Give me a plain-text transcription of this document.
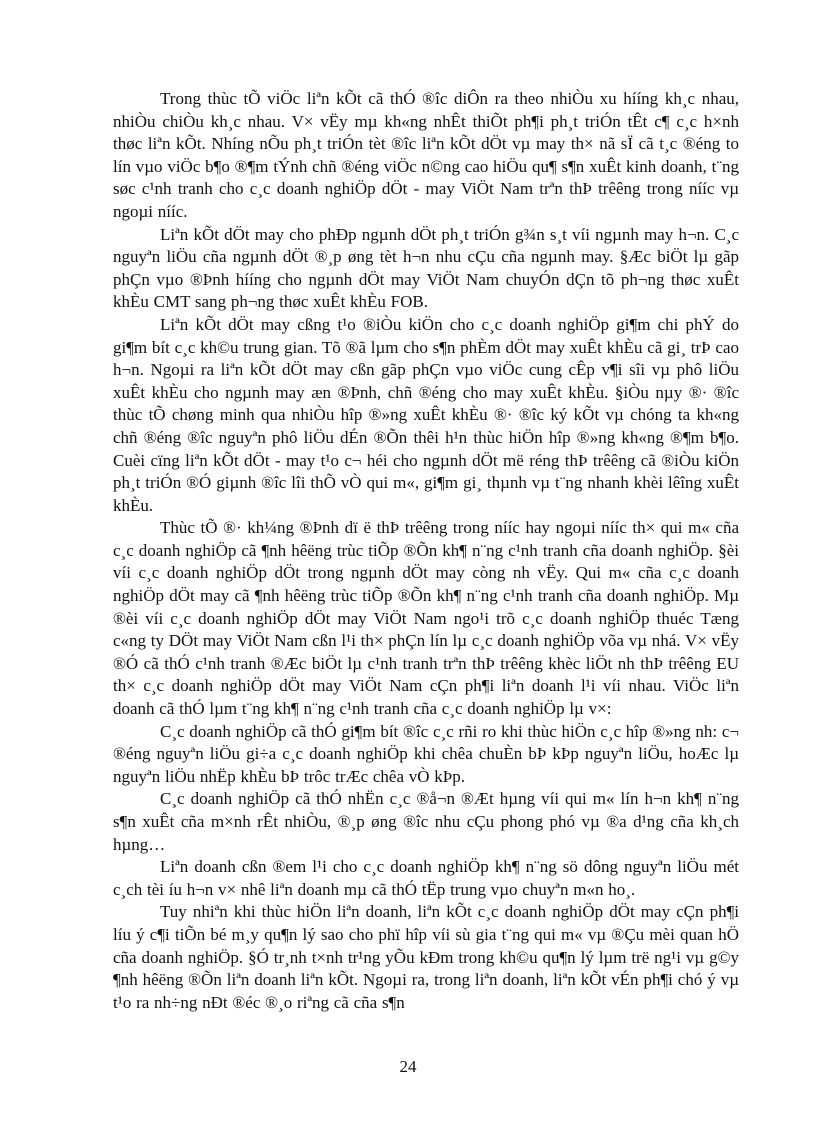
Trong thùc tÕ viÖc liªn kÕt cã thÓ ®îc diÔn ra theo nhiÒu xu hííng kh¸c nhau, nhiÒu chiÒu kh¸c nhau. V× vËy mµ kh«ng nhÊt thiÕt ph¶i ph¸t triÓn tÊt c¶ c¸c h×nh thøc liªn kÕt. Nhíng nÕu ph¸t triÓn tèt ®îc liªn kÕt dÖt vµ may th× nã sÏ cã t¸c ®éng to lín vµo viÖc b¶o ®¶m tÝnh chñ ®éng viÖc n©ng cao hiÖu qu¶ s¶n xuÊt kinh doanh, t¨ng søc c¹nh tranh cho c¸c doanh nghiÖp dÖt - may ViÖt Nam trªn thÞ trêêng trong nííc vµ ngoµi nííc.

Liªn kÕt dÖt may cho phÐp ngµnh dÖt ph¸t triÓn g¾n s¸t víi ngµnh may h¬n. C¸c nguyªn liÖu cña ngµnh dÖt ®¸p øng tèt h¬n nhu cÇu cña ngµnh may. §Æc biÖt lµ gãp phÇn vµo ®Þnh hííng cho ngµnh dÖt may ViÖt Nam chuyÓn dÇn tõ ph¬ng thøc xuÊt khÈu CMT sang ph¬ng thøc xuÊt khÈu FOB.

Liªn kÕt dÖt may cßng t¹o ®iÒu kiÖn cho c¸c doanh nghiÖp gi¶m chi phÝ do gi¶m bít c¸c kh©u trung gian. Tõ ®ã lµm cho s¶n phÈm dÖt may xuÊt khÈu cã gi¸ trÞ cao h¬n. Ngoµi ra liªn kÕt dÖt may cßn gãp phÇn vµo viÖc cung cÊp v¶i sîi vµ phô liÖu xuÊt khÈu cho ngµnh may æn ®Þnh, chñ ®éng cho may xuÊt khÈu. §iÒu nµy ®· ®îc thùc tÕ chøng minh qua nhiÒu hîp ®»ng xuÊt khÈu ®· ®îc ký kÕt vµ chóng ta kh«ng chñ ®éng ®îc nguyªn phô liÖu dÉn ®Õn thêi h¹n thùc hiÖn hîp ®»ng kh«ng ®¶m b¶o. Cuèi cïng liªn kÕt dÖt - may t¹o c¬ héi cho ngµnh dÖt më réng thÞ trêêng cã ®iÒu kiÖn ph¸t triÓn ®Ó giµnh ®îc lîi thÕ vÒ qui m«, gi¶m gi¸ thµnh vµ t¨ng nhanh khèi lêîng xuÊt khÈu.

Thùc tÕ ®· kh¼ng ®Þnh dï ë thÞ trêêng trong nííc hay ngoµi nííc th× qui m« cña c¸c doanh nghiÖp cã ¶nh hêëng trùc tiÕp ®Õn kh¶ n¨ng c¹nh tranh cña doanh nghiÖp. §èi víi c¸c doanh nghiÖp dÖt trong ngµnh dÖt may còng nh vËy. Qui m« cña c¸c doanh nghiÖp dÖt may cã ¶nh hêëng trùc tiÕp ®Õn kh¶ n¨ng c¹nh tranh cña doanh nghiÖp. Mµ ®èi víi c¸c doanh nghiÖp dÖt may ViÖt Nam ngo¹i trõ c¸c doanh nghiÖp thuéc Tæng c«ng ty DÖt may ViÖt Nam cßn l¹i th× phÇn lín lµ c¸c doanh nghiÖp võa vµ nhá. V× vËy ®Ó cã thÓ c¹nh tranh ®Æc biÖt lµ c¹nh tranh trªn thÞ trêêng khèc liÖt nh thÞ trêêng EU th× c¸c doanh nghiÖp dÖt may ViÖt Nam cÇn ph¶i liªn doanh l¹i víi nhau. ViÖc liªn doanh cã thÓ lµm t¨ng kh¶ n¨ng c¹nh tranh cña c¸c doanh nghiÖp lµ v×:

C¸c doanh nghiÖp cã thÓ gi¶m bít ®îc c¸c rñi ro khi thùc hiÖn c¸c hîp ®»ng nh: c¬ ®éng nguyªn liÖu gi÷a c¸c doanh nghiÖp khi chêa chuÈn bÞ kÞp nguyªn liÖu, hoÆc lµ nguyªn liÖu nhËp khÈu bÞ trôc trÆc chêa vÒ kÞp.

C¸c doanh nghiÖp cã thÓ nhËn c¸c ®å¬n ®Æt hµng víi qui m« lín h¬n kh¶ n¨ng s¶n xuÊt cña m×nh rÊt nhiÒu, ®¸p øng ®îc nhu cÇu phong phó vµ ®a d¹ng cña kh¸ch hµng…

Liªn doanh cßn ®em l¹i cho c¸c doanh nghiÖp kh¶ n¨ng sö dông nguyªn liÖu mét c¸ch tèi íu h¬n v× nhê liªn doanh mµ cã thÓ tËp trung vµo chuyªn m«n ho¸.

Tuy nhiªn khi thùc hiÖn liªn doanh, liªn kÕt c¸c doanh nghiÖp dÖt may cÇn ph¶i líu ý c¶i tiÕn bé m¸y qu¶n lý sao cho phï hîp víi sù gia t¨ng qui m« vµ ®Çu mèi quan hÖ cña doanh nghiÖp. §Ó tr¸nh t×nh tr¹ng yÕu kÐm trong kh©u qu¶n lý lµm trë ng¹i vµ g©y ¶nh hêëng ®Õn liªn doanh liªn kÕt. Ngoµi ra, trong liªn doanh, liªn kÕt vÉn ph¶i chó ý vµ t¹o ra nh÷ng nÐt ®éc ®¸o riªng cã cña s¶n

24
